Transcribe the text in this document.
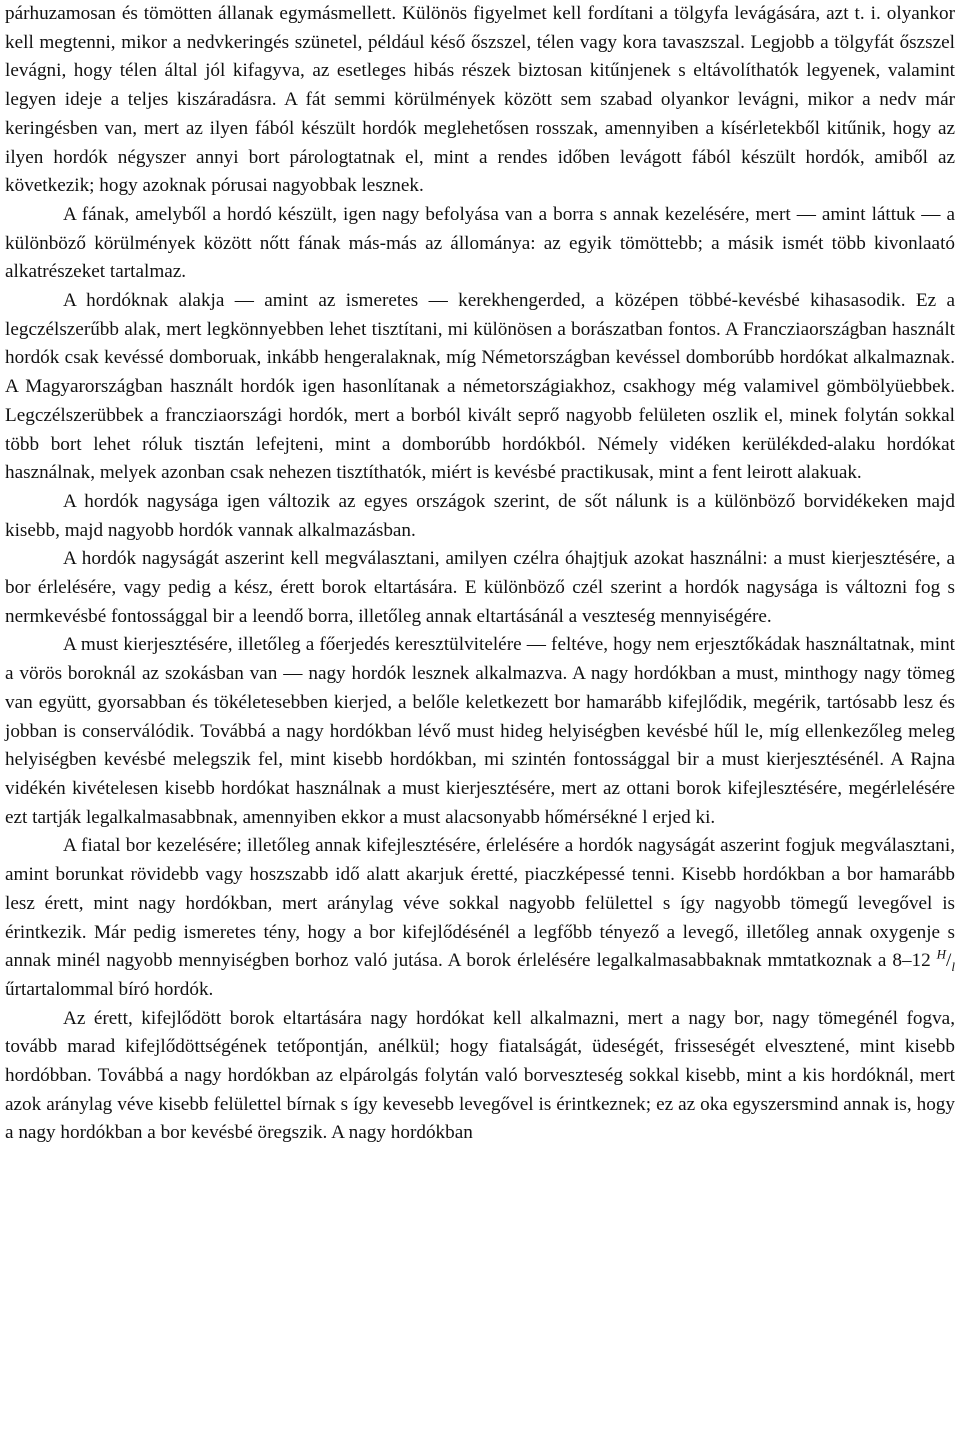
párhuzamosan és tömötten állanak egymásmellett. Különös figyelmet kell fordítani a tölgyfa levágására, azt t. i. olyankor kell megtenni, mikor a nedvkeringés szünetel, például késő őszszel, télen vagy kora tavaszszal. Legjobb a tölgyfát őszszel levágni, hogy télen által jól kifagyva, az esetleges hibás részek biztosan kitűnjenek s eltávolíthatók legyenek, valamint legyen ideje a teljes kiszáradásra. A fát semmi körülmények között sem szabad olyankor levágni, mikor a nedv már keringésben van, mert az ilyen fából készült hordók meglehetősen rosszak, amennyiben a kísérletekből kitűnik, hogy az ilyen hordók négyszer annyi bort párologtatnak el, mint a rendes időben levágott fából készült hordók, amiből az következik; hogy azoknak pórusai nagyobbak lesznek.

A fának, amelyből a hordó készült, igen nagy befolyása van a borra s annak kezelésére, mert — amint láttuk — a különböző körülmények között nőtt fának más-más az állománya: az egyik tömöttebb; a másik ismét több kivonlaató alkatrészeket tartalmaz.

A hordóknak alakja — amint az ismeretes — kerekhengerded, a középen többé-kevésbé kihasasodik. Ez a legczélszerűbb alak, mert legkönnyebben lehet tisztítani, mi különösen a borászatban fontos. A Francziaországban használt hordók csak kevéssé domboruak, inkább hengeralaknak, míg Németországban kevéssel domborúbb hordókat alkalmaznak. A Magyarországban használt hordók igen hasonlítanak a németországiakhoz, csakhogy még valamivel gömbölyüebbek. Legczélszerübbek a francziaországi hordók, mert a borból kivált seprő nagyobb felületen oszlik el, minek folytán sokkal több bort lehet róluk tisztán lefejteni, mint a domborúbb hordókból. Némely vidéken kerülékded-alaku hordókat használnak, melyek azonban csak nehezen tisztíthatók, miért is kevésbé practikusak, mint a fent leirott alakuak.

A hordók nagysága igen változik az egyes országok szerint, de sőt nálunk is a különböző borvidékeken majd kisebb, majd nagyobb hordók vannak alkalmazásban.

A hordók nagyságát aszerint kell megválasztani, amilyen czélra óhajtjuk azokat használni: a must kierjesztésére, a bor érlelésére, vagy pedig a kész, érett borok eltartására. E különböző czél szerint a hordók nagysága is változni fog s nermkevésbé fontossággal bir a leendő borra, illetőleg annak eltartásánál a veszteség mennyiségére.

A must kierjesztésére, illetőleg a főerjedés keresztülvitelére — feltéve, hogy nem erjesztőkádak használtatnak, mint a vörös boroknál az szokásban van — nagy hordók lesznek alkalmazva. A nagy hordókban a must, minthogy nagy tömeg van együtt, gyorsabban és tökéletesebben kierjed, a belőle keletkezett bor hamarább kifejlődik, megérik, tartósabb lesz és jobban is conserválódik. Továbbá a nagy hordókban lévő must hideg helyiségben kevésbé hűl le, míg ellenkezőleg meleg helyiségben kevésbé melegszik fel, mint kisebb hordókban, mi szintén fontossággal bir a must kierjesztésénél. A Rajna vidékén kivételesen kisebb hordókat használnak a must kierjesztésére, mert az ottani borok kifejlesztésére, megérlelésére ezt tartják legalkalmasabbnak, amennyiben ekkor a must alacsonyabb hőmérsékné l erjed ki.

A fiatal bor kezelésére; illetőleg annak kifejlesztésére, érlelésére a hordók nagyságát aszerint fogjuk megválasztani, amint borunkat rövidebb vagy hoszszabb idő alatt akarjuk éretté, piaczképessé tenni. Kisebb hordókban a bor hamarább lesz érett, mint nagy hordókban, mert aránylag véve sokkal nagyobb felülettel s így nagyobb tömegű levegővel is érintkezik. Már pedig ismeretes tény, hogy a bor kifejlődésénél a legfőbb tényező a levegő, illetőleg annak oxygenje s annak minél nagyobb mennyiségben borhoz való jutása. A borok érlelésére legalkalmasabbaknak mmtatkoznak a 8–12 $^H/_l$ űrtartalommal bíró hordók.

Az érett, kifejlődött borok eltartására nagy hordókat kell alkalmazni, mert a nagy bor, nagy tömegénél fogva, tovább marad kifejlődöttségének tetőpontján, anélkül; hogy fiatalságát, üdeségét, frisseségét elvesztené, mint kisebb hordóbban. Továbbá a nagy hordókban az elpárolgás folytán való borveszteség sokkal kisebb, mint a kis hordóknál, mert azok aránylag véve kisebb felülettel bírnak s így kevesebb levegővel is érintkeznek; ez az oka egyszersmind annak is, hogy a nagy hordókban a bor kevésbé öregszik. A nagy hordókban
